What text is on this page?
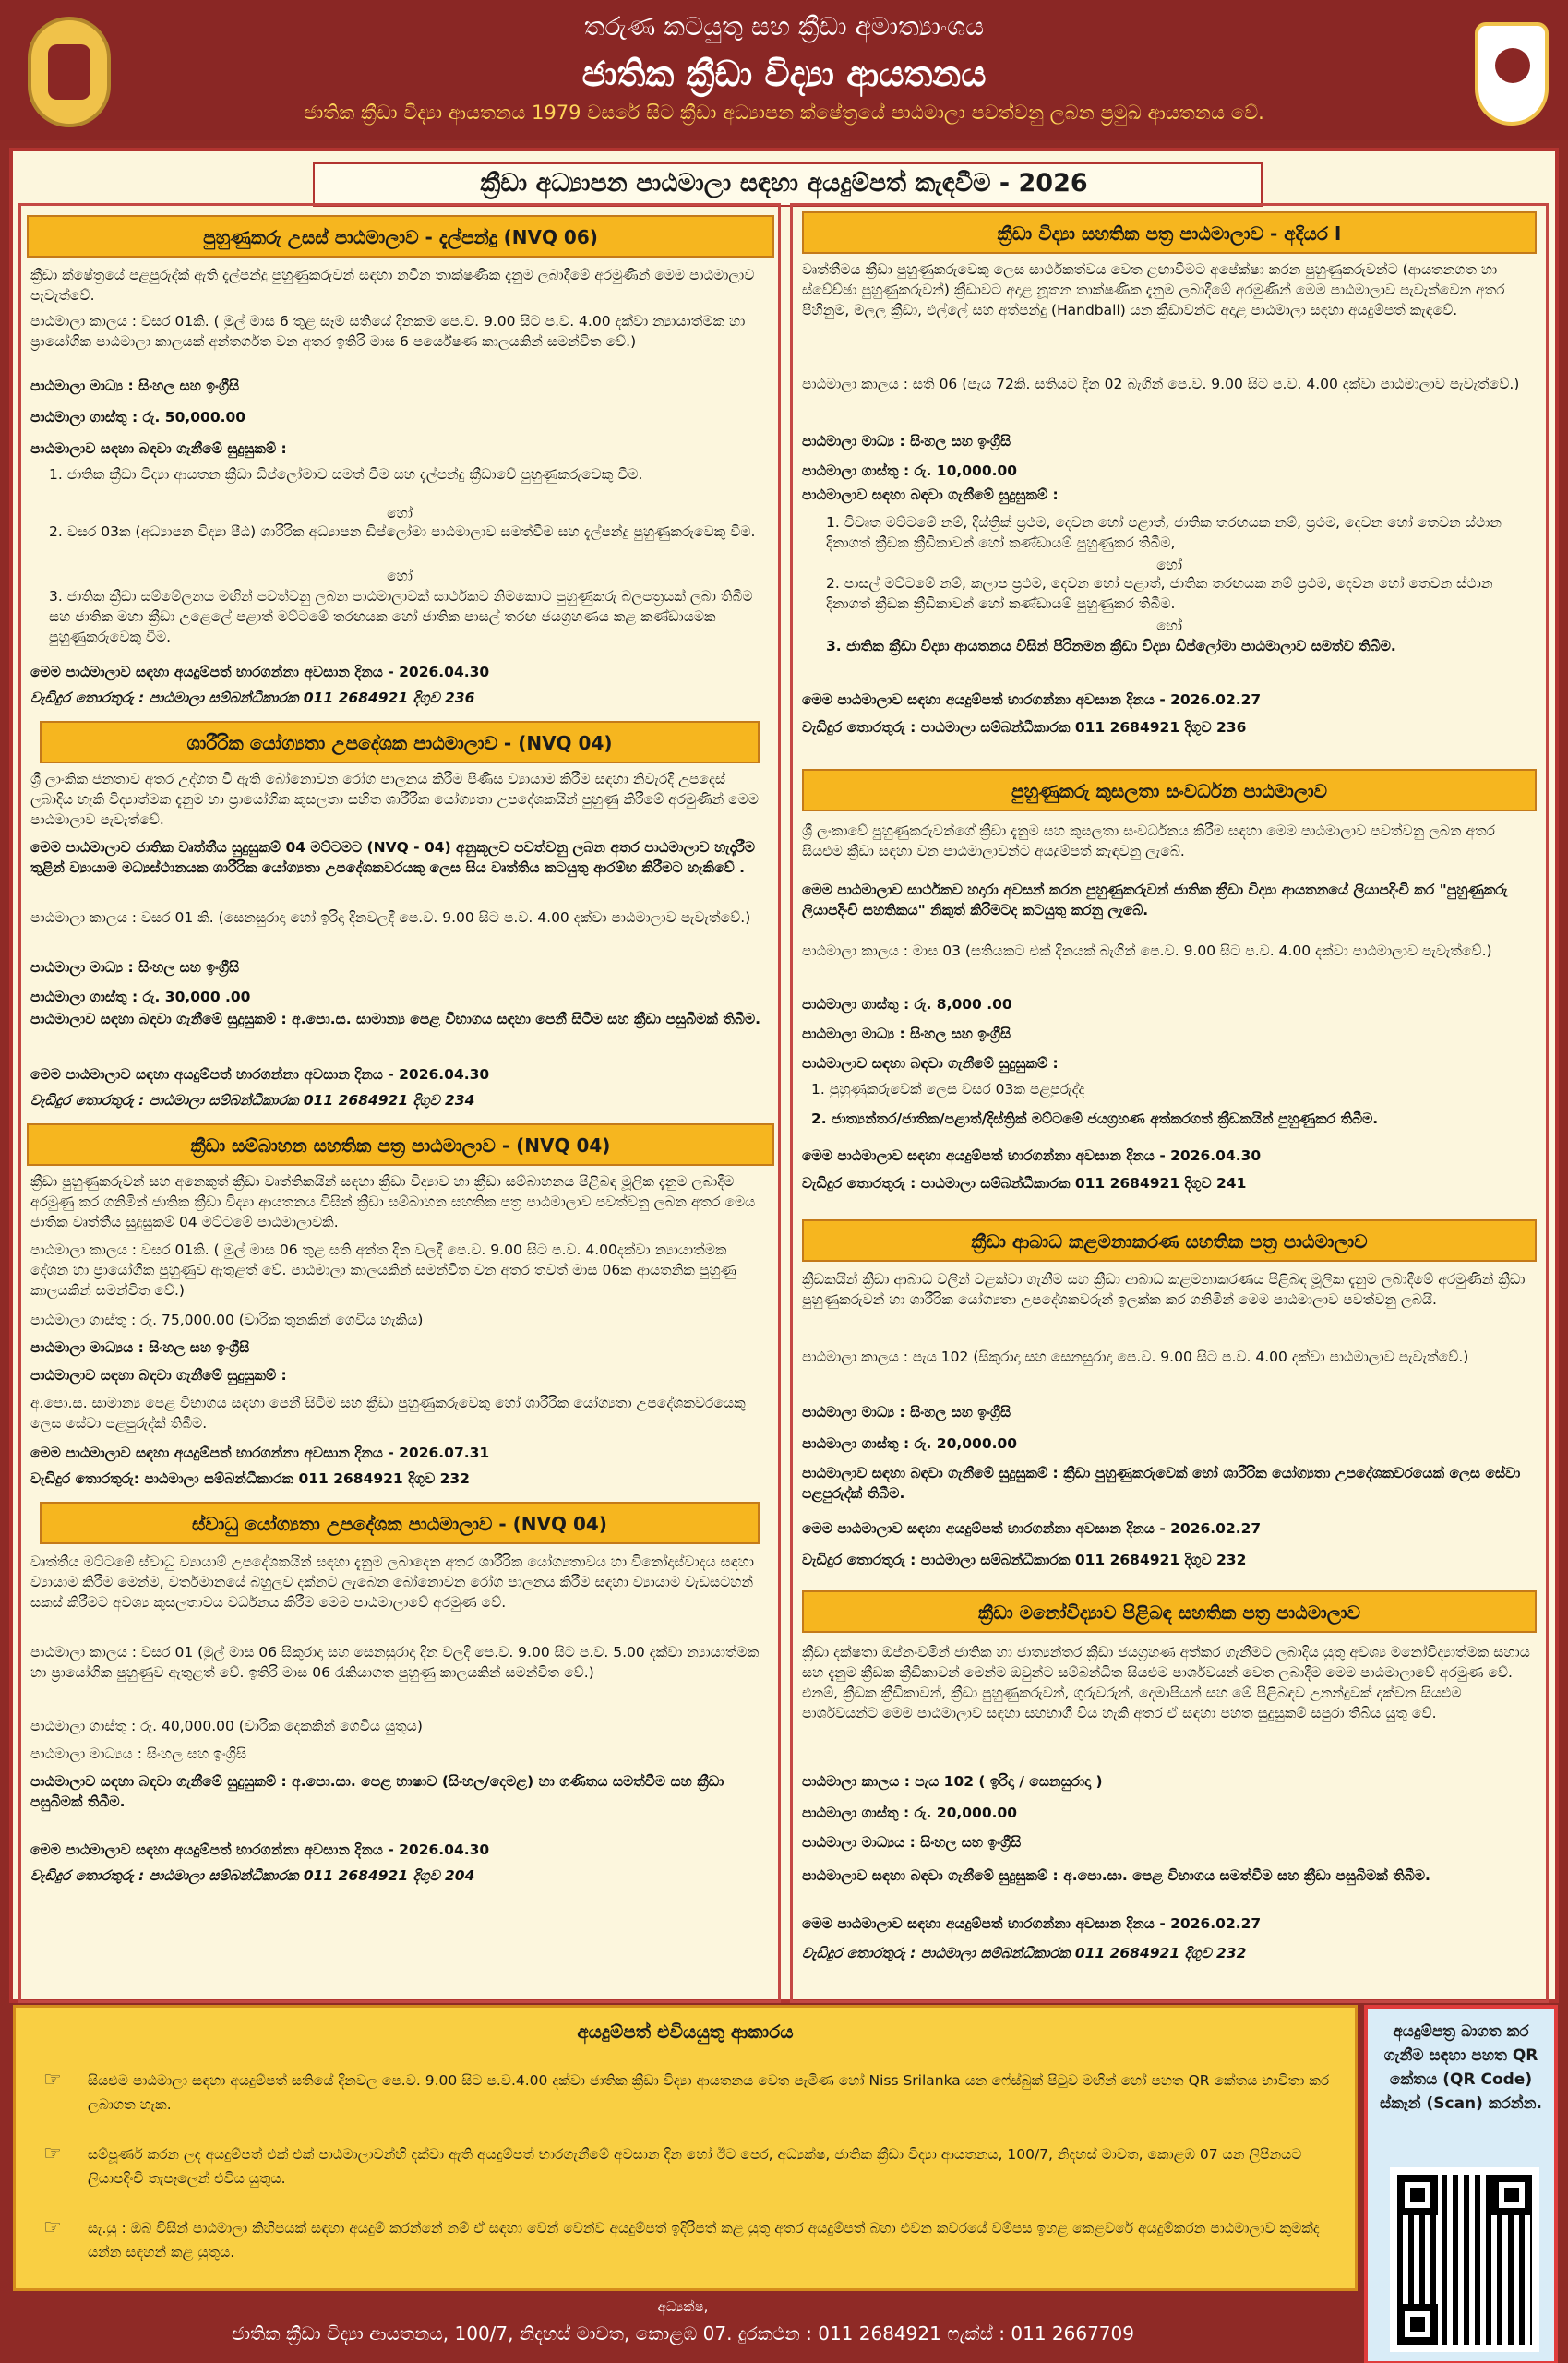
තරුණ කටයුතු සහ ක්‍රීඩා අමාත්‍යාංශය
ජාතික ක්‍රීඩා විද්‍යා ආයතනය
ජාතික ක්‍රීඩා විද්‍යා ආයතනය 1979 වසරේ සිට ක්‍රීඩා අධ්‍යාපන ක්ෂේත්‍රයේ පාඨමාලා පවත්වනු ලබන ප්‍රමුඛ ආයතනය වේ.
ක්‍රීඩා අධ්‍යාපන පාඨමාලා සඳහා අයදුම්පත් කැඳවීම - 2026
පුහුණුකරු උසස් පාඨමාලාව - දැල්පන්දු (NVQ 06)
ක්‍රීඩා ක්ෂේත්‍රයේ පළපුරුද්ක් ඇති දැල්පන්දු පුහුණුකරුවන් සඳහා නවීන තාක්ෂණික දැනුම ලබාදීමේ අරමුණින් මෙම පාඨමාලාව පැවැත්වේ.
පාඨමාලා කාලය : වසර 01කි. ( මුල් මාස 6 තුළ සෑම සතියේ දිනකම පෙ.ව. 9.00 සිට ප.ව. 4.00 දක්වා න්‍යායාත්මක හා ප්‍රායෝගික පාඨමාලා කාලයක් අන්තර්ගත වන අතර ඉතිරි මාස 6 පර්යේෂණ කාලයකින් සමන්විත වේ.)
පාඨමාලා මාධ්‍ය : සිංහල සහ ඉංග්‍රීසි
පාඨමාලා ගාස්තු : රු. 50,000.00
පාඨමාලාව සඳහා බඳවා ගැනීමේ සුදුසුකම් :
1. ජාතික ක්‍රීඩා විද්‍යා ආයතන ක්‍රීඩා ඩිප්ලෝමාව සමත් වීම සහ දැල්පන්දු ක්‍රීඩාවේ පුහුණුකරුවෙකු වීම.
හෝ
2. වසර 03ක (අධ්‍යාපන විද්‍යා පීඨ) ශාරීරික අධ්‍යාපන ඩිප්ලෝමා පාඨමාලාව සමත්වීම සහ දැල්පන්දු පුහුණුකරුවෙකු වීම.
හෝ
3. ජාතික ක්‍රීඩා සම්මේලනය මඟින් පවත්වනු ලබන පාඨමාලාවක් සාර්ථකව නිමකොට පුහුණුකරු බලපත්‍රයක් ලබා තිබීම සහ ජාතික මහා ක්‍රීඩා උළෙලේ පළාත් මට්ටමේ තරඟයක හෝ ජාතික පාසල් තරඟ ජයග්‍රහණය කළ කණ්ඩායමක පුහුණුකරුවෙකු වීම.
මෙම පාඨමාලාව සඳහා අයදුම්පත් භාරගන්නා අවසාන දිනය - 2026.04.30
වැඩිදුර තොරතුරු : පාඨමාලා සම්බන්ධීකාරක 011 2684921 දිගුව 236
ශාරීරික යෝග්‍යතා උපදේශක පාඨමාලාව - (NVQ 04)
ශ්‍රී ලාංකික ජනතාව අතර උද්ගත වී ඇති බෝනොවන රෝග පාලනය කිරීම පිණිස ව්‍යායාම කිරීම සඳහා නිවැරදි උපදෙස් ලබාදිය හැකි විද්‍යාත්මක දැනුම හා ප්‍රායෝගික කුසලතා සහිත ශාරීරික යෝග්‍යතා උපදේශකයින් පුහුණු කිරීමේ අරමුණින් මෙම පාඨමාලාව පැවැත්වේ.
මෙම පාඨමාලාව ජාතික වෘත්තීය සුදුසුකම් 04 මට්ටමට (NVQ - 04) අනුකූලව පවත්වනු ලබන අතර පාඨමාලාව හැදෑරීම තුළින් ව්‍යායාම මධ්‍යස්ථානයක ශාරීරික යෝග්‍යතා උපදේශකවරයකු ලෙස සිය වෘත්තිය කටයුතු ආරම්භ කිරීමට හැකිවේ .
පාඨමාලා කාලය : වසර 01 කි. (සෙනසුරාදා හෝ ඉරිදා දිනවලදී පෙ.ව. 9.00 සිට ප.ව. 4.00 දක්වා පාඨමාලාව පැවැත්වේ.)
පාඨමාලා මාධ්‍ය : සිංහල සහ ඉංග්‍රීසි
පාඨමාලා ගාස්තු : රු. 30,000 .00
පාඨමාලාව සඳහා බඳවා ගැනීමේ සුදුසුකම් : අ.පො.ස. සාමාන්‍ය පෙළ විභාගය සඳහා පෙනී සිටීම සහ ක්‍රීඩා පසුබිමක් තිබීම.
මෙම පාඨමාලාව සඳහා අයදුම්පත් භාරගන්නා අවසාන දිනය - 2026.04.30
වැඩිදුර තොරතුරු : පාඨමාලා සම්බන්ධීකාරක 011 2684921 දිගුව 234
ක්‍රීඩා සම්බාහන සහතික පත්‍ර පාඨමාලාව - (NVQ 04)
ක්‍රීඩා පුහුණුකරුවන් සහ අනෙකුත් ක්‍රීඩා වෘත්තිකයින් සඳහා ක්‍රීඩා විද්‍යාව හා ක්‍රීඩා සම්බාහනය පිළිබඳ මූලික දැනුම ලබාදීම අරමුණු කර ගනිමින් ජාතික ක්‍රීඩා විද්‍යා ආයතනය විසින් ක්‍රීඩා සම්බාහන සහතික පත්‍ර පාඨමාලාව පවත්වනු ලබන අතර මෙය ජාතික වෘත්තීය සුදුසුකම් 04 මට්ටමේ පාඨමාලාවකි.
පාඨමාලා කාලය : වසර 01කි. ( මුල් මාස 06 තුළ සති අන්ත දින වලදී පෙ.ව. 9.00 සිට ප.ව. 4.00දක්වා න්‍යායාත්මක දේශන හා ප්‍රායෝගික පුහුණුව ඇතුළත් වේ. පාඨමාලා කාලයකින් සමන්විත වන අතර තවත් මාස 06ක ආයතනික පුහුණු කාලයකින් සමන්විත වේ.)
පාඨමාලා ගාස්තු : රු. 75,000.00 (වාරික තුනකින් ගෙවිය හැකිය)
පාඨමාලා මාධ්‍යය : සිංහල සහ ඉංග්‍රීසි
පාඨමාලාව සඳහා බඳවා ගැනීමේ සුදුසුකම් :
අ.පො.ස. සාමාන්‍ය පෙළ විභාගය සඳහා පෙනී සිටීම සහ ක්‍රීඩා පුහුණුකරුවෙකු හෝ ශාරීරික යෝග්‍යතා උපදේශකවරයෙකු ලෙස සේවා පළපුරුද්ක් තිබීම.
මෙම පාඨමාලාව සඳහා අයදුම්පත් භාරගන්නා අවසාන දිනය - 2026.07.31
වැඩිදුර තොරතුරු: පාඨමාලා සම්බන්ධීකාරක 011 2684921 දිගුව 232
ස්වාධු යෝග්‍යතා උපදේශක පාඨමාලාව - (NVQ 04)
වෘත්තීය මට්ටමේ ස්වාධු ව්‍යායාම් උපදේශකයින් සඳහා දැනුම ලබාදෙන අතර ශාරීරික යෝග්‍යතාවය හා විනෝදාස්වාදය සඳහා ව්‍යායාම කිරීම මෙන්ම, වර්තමානයේ බහුලව දක්නට ලැබෙන බෝනොවන රෝග පාලනය කිරීම සඳහා ව්‍යායාම වැඩසටහන් සකස් කිරීමට අවශ්‍ය කුසලතාවය වර්ධනය කිරීම මෙම පාඨමාලාවේ අරමුණ වේ.
පාඨමාලා කාලය : වසර 01 (මුල් මාස 06 සිකුරාදා සහ සෙනසුරාදා දින වලදී පෙ.ව. 9.00 සිට ප.ව. 5.00 දක්වා න්‍යායාත්මක හා ප්‍රායෝගික පුහුණුව ඇතුළත් වේ. ඉතිරි මාස 06 රැකියාගත පුහුණු කාලයකින් සමන්විත වේ.)
පාඨමාලා ගාස්තු : රු. 40,000.00 (වාරික දෙකකින් ගෙවිය යුතුය)
පාඨමාලා මාධ්‍යය : සිංහල සහ ඉංග්‍රීසි
පාඨමාලාව සඳහා බඳවා ගැනීමේ සුදුසුකම් : අ.පො.සා. පෙළ භාෂාව (සිංහල/දෙමළ) හා ගණිතය සමත්වීම සහ ක්‍රීඩා පසුබිමක් තිබීම.
මෙම පාඨමාලාව සඳහා අයදුම්පත් භාරගන්නා අවසාන දිනය - 2026.04.30
වැඩිදුර තොරතුරු : පාඨමාලා සම්බන්ධීකාරක 011 2684921 දිගුව 204
ක්‍රීඩා විද්‍යා සහතික පත්‍ර පාඨමාලාව - අදියර I
වෘත්තීමය ක්‍රීඩා පුහුණුකරුවෙකු ලෙස සාර්ථකත්වය වෙත ළඟාවීමට අපේක්ෂා කරන පුහුණුකරුවන්ට (ආයතනගත හා ස්වේච්ඡා පුහුණුකරුවන්) ක්‍රීඩාවට අදාළ නූතන තාක්ෂණික දැනුම ලබාදීමේ අරමුණින් මෙම පාඨමාලාව පැවැත්වෙන අතර පිහිනුම, මලල ක්‍රීඩා, එල්ලේ සහ අත්පන්දු (Handball) යන ක්‍රීඩාවන්ට අදාළ පාඨමාලා සඳහා අයදුම්පත් කැඳවේ.
පාඨමාලා කාලය : සති 06 (පැය 72කි. සතියට දින 02 බැගින් පෙ.ව. 9.00 සිට ප.ව. 4.00 දක්වා පාඨමාලාව පැවැත්වේ.)
පාඨමාලා මාධ්‍ය : සිංහල සහ ඉංග්‍රීසි
පාඨමාලා ගාස්තු : රු. 10,000.00
පාඨමාලාව සඳහා බඳවා ගැනීමේ සුදුසුකම් :
1. විවෘත මට්ටමේ නම්, දිස්ත්‍රික් ප්‍රථම, දෙවන හෝ පළාත්, ජාතික තරඟයක නම්, ප්‍රථම, දෙවන හෝ තෙවන ස්ථාන දිනාගත් ක්‍රීඩක ක්‍රීඩිකාවන් හෝ කණ්ඩායම් පුහුණුකර තිබීම,
හෝ
2. පාසල් මට්ටමේ නම්, කලාප ප්‍රථම, දෙවන හෝ පළාත්, ජාතික තරඟයක නම් ප්‍රථම, දෙවන හෝ තෙවන ස්ථාන දිනාගත් ක්‍රීඩක ක්‍රීඩිකාවන් හෝ කණ්ඩායම් පුහුණුකර තිබීම.
හෝ
3. ජාතික ක්‍රීඩා විද්‍යා ආයතනය විසින් පිරිනමන ක්‍රීඩා විද්‍යා ඩිප්ලෝමා පාඨමාලාව සමත්ව තිබීම.
මෙම පාඨමාලාව සඳහා අයදුම්පත් භාරගන්නා අවසාන දිනය - 2026.02.27
වැඩිදුර තොරතුරු : පාඨමාලා සම්බන්ධීකාරක 011 2684921 දිගුව 236
පුහුණුකරු කුසලතා සංවර්ධන පාඨමාලාව
ශ්‍රී ලංකාවේ පුහුණුකරුවන්ගේ ක්‍රීඩා දැනුම සහ කුසලතා සංවර්ධනය කිරීම සඳහා මෙම පාඨමාලාව පවත්වනු ලබන අතර සියළුම ක්‍රීඩා සඳහා වන පාඨමාලාවන්ට අයදුම්පත් කැඳවනු ලැබේ.
මෙම පාඨමාලාව සාර්ථකව හදාරා අවසන් කරන පුහුණුකරුවන් ජාතික ක්‍රීඩා විද්‍යා ආයතනයේ ලියාපදිංචි කර "පුහුණුකරු ලියාපදිංචි සහතිකය" නිකුත් කිරීමටද කටයුතු කරනු ලැබේ.
පාඨමාලා කාලය : මාස 03 (සතියකට එක් දිනයක් බැගින් පෙ.ව. 9.00 සිට ප.ව. 4.00 දක්වා පාඨමාලාව පැවැත්වේ.)
පාඨමාලා ගාස්තු : රු. 8,000 .00
පාඨමාලා මාධ්‍ය : සිංහල සහ ඉංග්‍රීසි
පාඨමාලාව සඳහා බඳවා ගැනීමේ සුදුසුකම් :
1. පුහුණුකරුවෙක් ලෙස වසර 03ක පළපුරුද්ද
2. ජාත්‍යන්තර/ජාතික/පළාත්/දිස්ත්‍රික් මට්ටමේ ජයග්‍රහණ අත්කරගත් ක්‍රීඩකයින් පුහුණුකර තිබීම.
මෙම පාඨමාලාව සඳහා අයදුම්පත් භාරගන්නා අවසාන දිනය - 2026.04.30
වැඩිදුර තොරතුරු : පාඨමාලා සම්බන්ධීකාරක 011 2684921 දිගුව 241
ක්‍රීඩා ආබාධ කළමනාකරණ සහතික පත්‍ර පාඨමාලාව
ක්‍රීඩකයින් ක්‍රීඩා ආබාධ වලින් වළක්වා ගැනීම සහ ක්‍රීඩා ආබාධ කළමනාකරණය පිළිබඳ මූලික දැනුම ලබාදීමේ අරමුණින් ක්‍රීඩා පුහුණුකරුවන් හා ශාරීරික යෝග්‍යතා උපදේශකවරුන් ඉලක්ක කර ගනිමින් මෙම පාඨමාලාව පවත්වනු ලබයි.
පාඨමාලා කාලය : පැය 102 (සිකුරාදා සහ සෙනසුරාදා පෙ.ව. 9.00 සිට ප.ව. 4.00 දක්වා පාඨමාලාව පැවැත්වේ.)
පාඨමාලා මාධ්‍ය : සිංහල සහ ඉංග්‍රීසි
පාඨමාලා ගාස්තු : රු. 20,000.00
පාඨමාලාව සඳහා බඳවා ගැනීමේ සුදුසුකම් : ක්‍රීඩා පුහුණුකරුවෙක් හෝ ශාරීරික යෝග්‍යතා උපදේශකවරයෙක් ලෙස සේවා පළපුරුද්ක් තිබීම.
මෙම පාඨමාලාව සඳහා අයදුම්පත් භාරගන්නා අවසාන දිනය - 2026.02.27
වැඩිදුර තොරතුරු : පාඨමාලා සම්බන්ධීකාරක 011 2684921 දිගුව 232
ක්‍රීඩා මනෝවිද්‍යාව පිළිබඳ සහතික පත්‍ර පාඨමාලාව
ක්‍රීඩා දක්ෂතා ඔප්නංවමින් ජාතික හා ජාත්‍යන්තර ක්‍රීඩා ජයග්‍රහණ අත්කර ගැනීමට ලබාදිය යුතු අවශ්‍ය මනෝවිද්‍යාත්මක සහාය සහ දැනුම ක්‍රීඩක ක්‍රීඩිකාවන් මෙන්ම ඔවුන්ට සම්බන්ධිත සියළුම පාර්ශවයන් වෙත ලබාදීම මෙම පාඨමාලාවේ අරමුණ වේ. එනම්, ක්‍රීඩක ක්‍රීඩිකාවන්, ක්‍රීඩා පුහුණුකරුවන්, ගුරුවරුන්, දෙමාපියන් සහ මේ පිළිබඳව උනන්දුවක් දක්වන සියළුම පාර්ශවයන්ට මෙම පාඨමාලාව සඳහා සහභාගී විය හැකි අතර ඒ සඳහා පහත සුදුසුකම් සපුරා තිබිය යුතු වේ.
පාඨමාලා කාලය : පැය 102 ( ඉරිදා / සෙනසුරාදා )
පාඨමාලා ගාස්තු : රු. 20,000.00
පාඨමාලා මාධ්‍යය : සිංහල සහ ඉංග්‍රීසි
පාඨමාලාව සඳහා බඳවා ගැනීමේ සුදුසුකම් : අ.පො.සා. පෙළ විභාගය සමත්වීම සහ ක්‍රීඩා පසුබිමක් තිබීම.
මෙම පාඨමාලාව සඳහා අයදුම්පත් භාරගන්නා අවසාන දිනය - 2026.02.27
වැඩිදුර තොරතුරු : පාඨමාලා සම්බන්ධීකාරක 011 2684921 දිගුව 232
අයදුම්පත් එවියයුතු ආකාරය
☞ සියළුම පාඨමාලා සඳහා අයදුම්පත් සතියේ දිනවල පෙ.ව. 9.00 සිට ප.ව.4.00 දක්වා ජාතික ක්‍රීඩා විද්‍යා ආයතනය වෙත පැමිණ හෝ Niss Srilanka යන ෆේස්බුක් පිටුව මඟින් හෝ පහත QR කේතය භාවිතා කර ලබාගත හැක.
☞ සම්පූර්ණ කරන ලද අයදුම්පත් එක් එක් පාඨමාලාවන්හි දක්වා ඇති අයදුම්පත් භාරගැනීමේ අවසාන දින හෝ ඊට පෙර, අධ්‍යක්ෂ, ජාතික ක්‍රීඩා විද්‍යා ආයතනය, 100/7, නිදහස් මාවත, කොළඹ 07 යන ලිපිනයට ලියාපදිංචි තැපෑලෙන් එවිය යුතුය.
☞ සැ.යු : ඔබ විසින් පාඨමාලා කිහිපයක් සඳහා අයදුම් කරන්නේ නම් ඒ සඳහා වෙන් වෙන්ව අයදුම්පත් ඉදිරිපත් කළ යුතු අතර අයදුම්පත් බහා එවන කවරයේ වම්පස ඉහළ කෙළවරේ අයදුම්කරන පාඨමාලාව කුමක්ද යන්න සඳහන් කළ යුතුය.
අයදුම්පත්‍ර බාගත කර ගැනීම සඳහා පහත QR කේතය (QR Code) ස්කෑන් (Scan) කරන්න.
අධ්‍යක්ෂ,
ජාතික ක්‍රීඩා විද්‍යා ආයතනය, 100/7, නිදහස් මාවත, කොළඹ 07. දුරකථන : 011 2684921 ෆැක්ස් : 011 2667709
